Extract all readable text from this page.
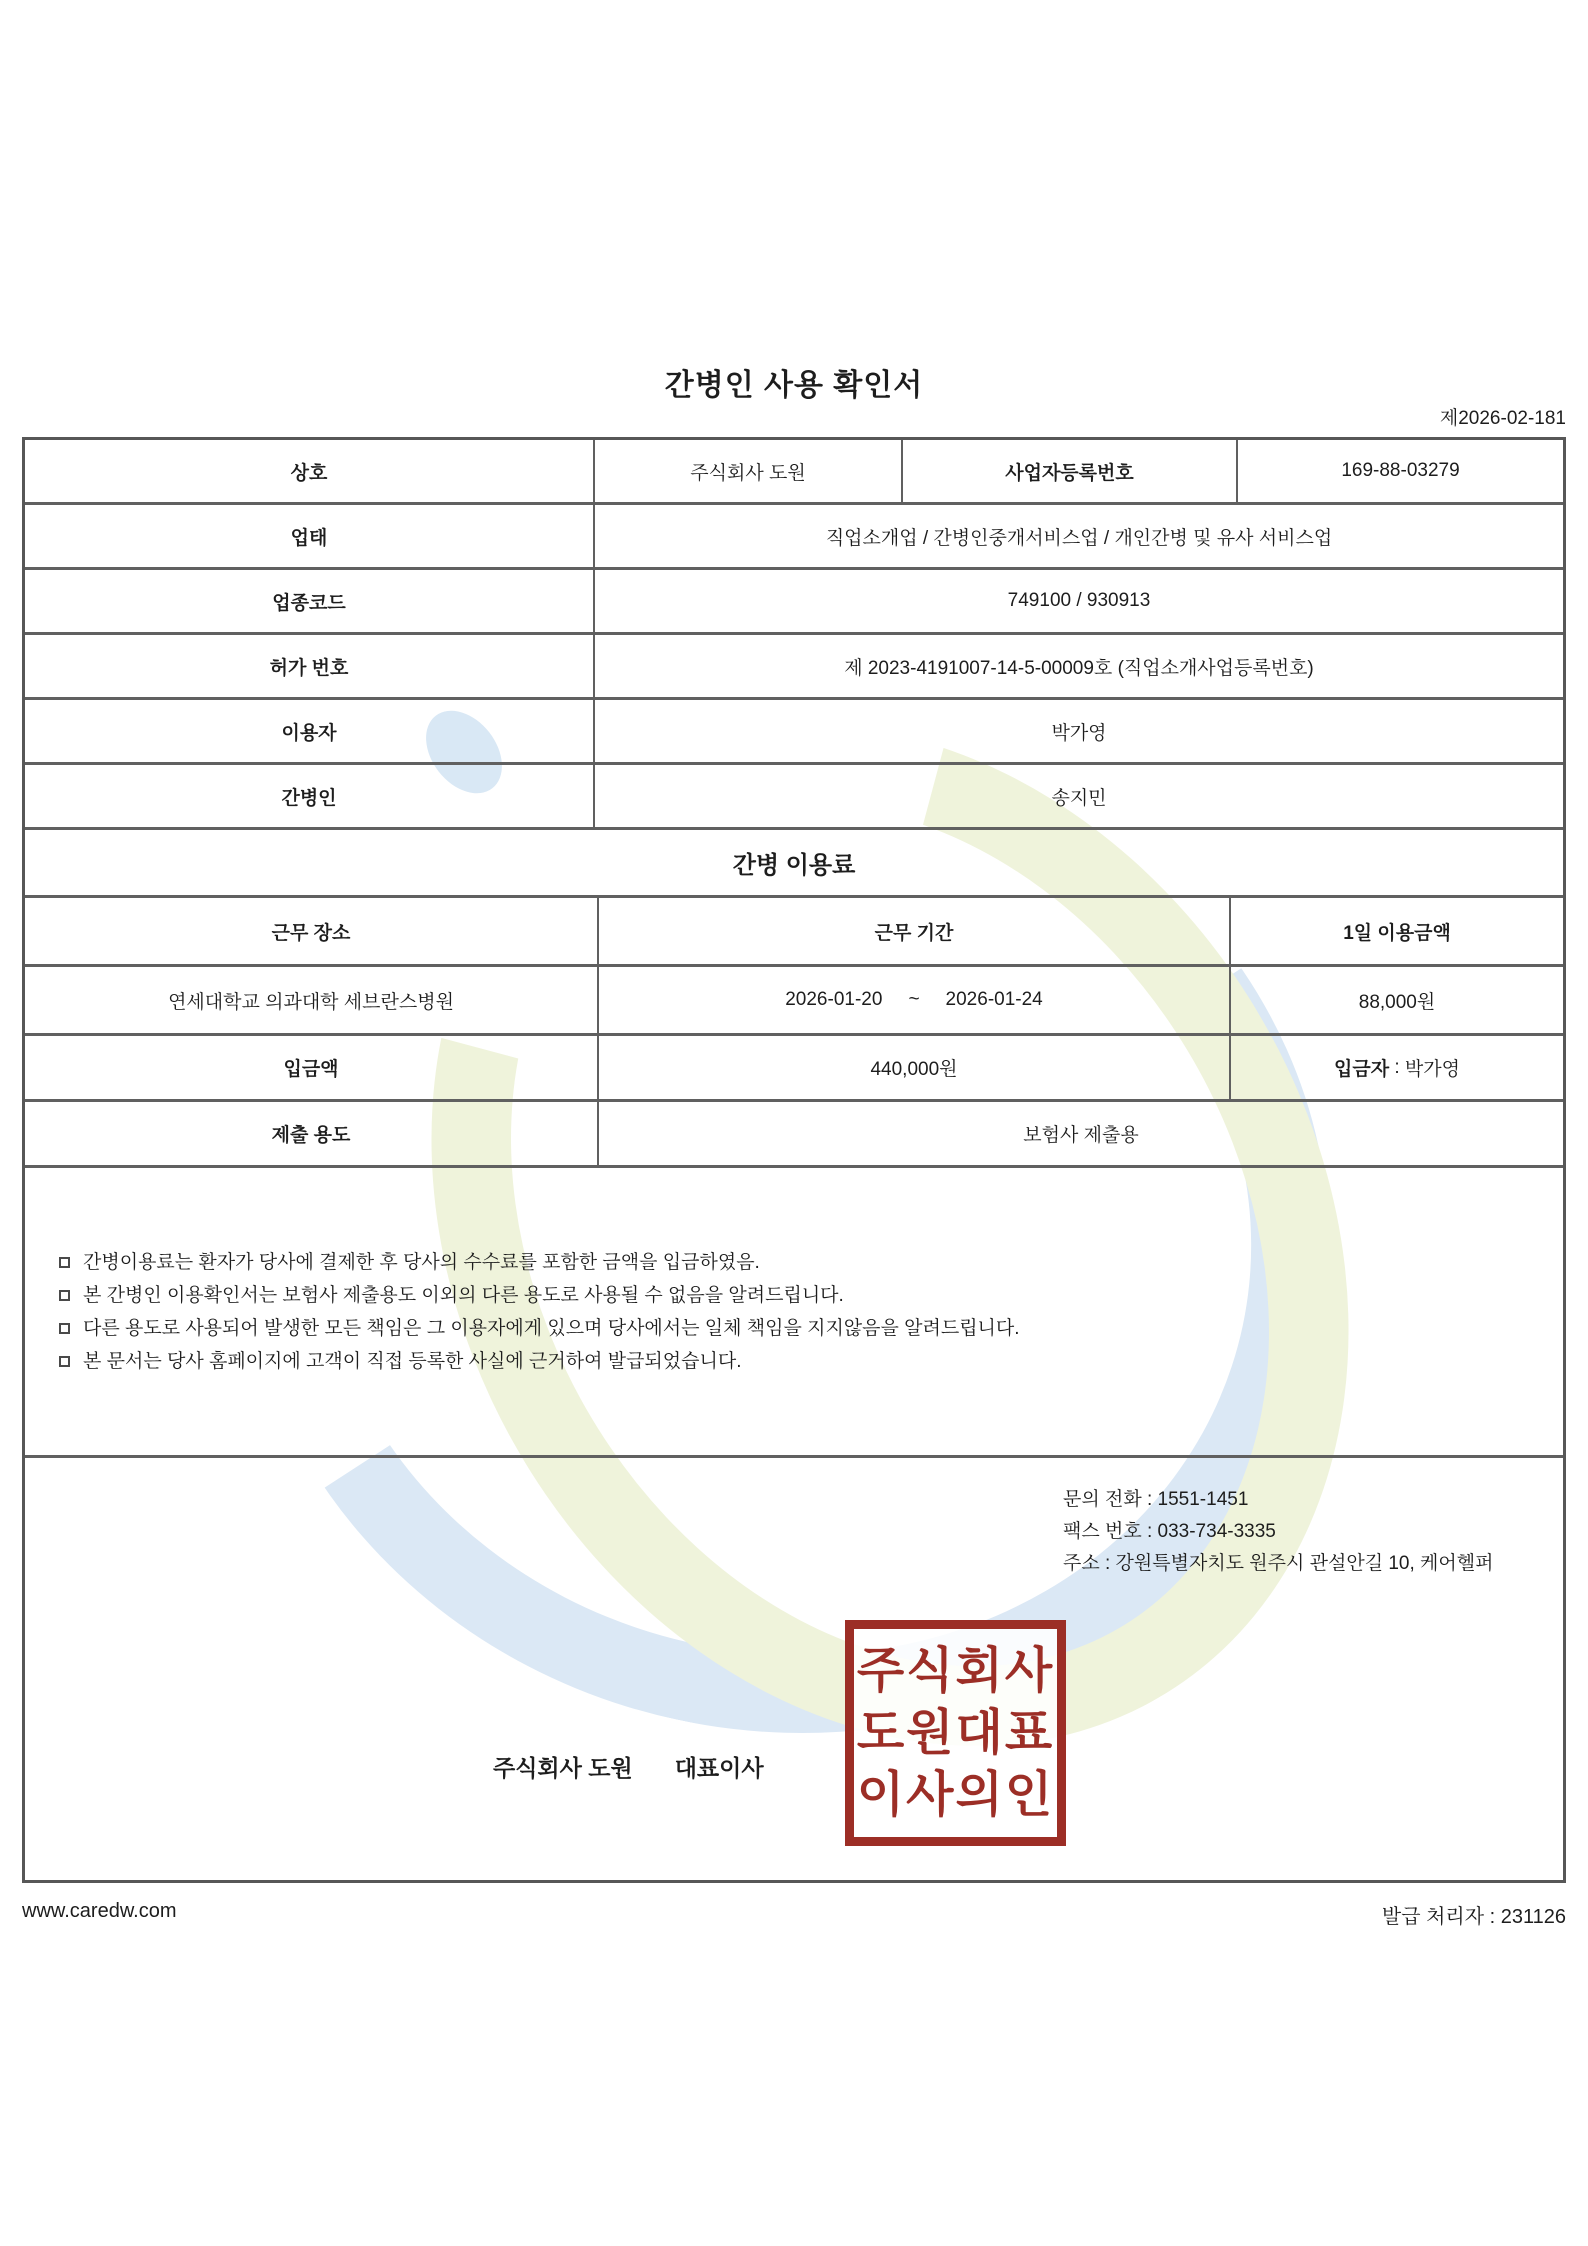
간병인 사용 확인서
제2026-02-181
상호	주식회사 도원	사업자등록번호	169-88-03279
업태	직업소개업 / 간병인중개서비스업 / 개인간병 및 유사 서비스업
업종코드	749100 / 930913
허가 번호	제 2023-4191007-14-5-00009호 (직업소개사업등록번호)
이용자	박가영
간병인	송지민
간병 이용료
근무 장소	근무 기간	1일 이용금액
연세대학교 의과대학 세브란스병원	2026-01-20 ~ 2026-01-24	88,000원
입금액	440,000원	입금자 : 박가영
제출 용도	보험사 제출용
간병이용료는 환자가 당사에 결제한 후 당사의 수수료를 포함한 금액을 입금하였음.
본 간병인 이용확인서는 보험사 제출용도 이외의 다른 용도로 사용될 수 없음을 알려드립니다.
다른 용도로 사용되어 발생한 모든 책임은 그 이용자에게 있으며 당사에서는 일체 책임을 지지않음을 알려드립니다.
본 문서는 당사 홈페이지에 고객이 직접 등록한 사실에 근거하여 발급되었습니다.
문의 전화 : 1551-1451
팩스 번호 : 033-734-3335
주소 : 강원특별자치도 원주시 관설안길 10, 케어헬퍼
주식회사 도원 대표이사
주식회사
도원대표
이사의인
www.caredw.com	발급 처리자 : 231126
